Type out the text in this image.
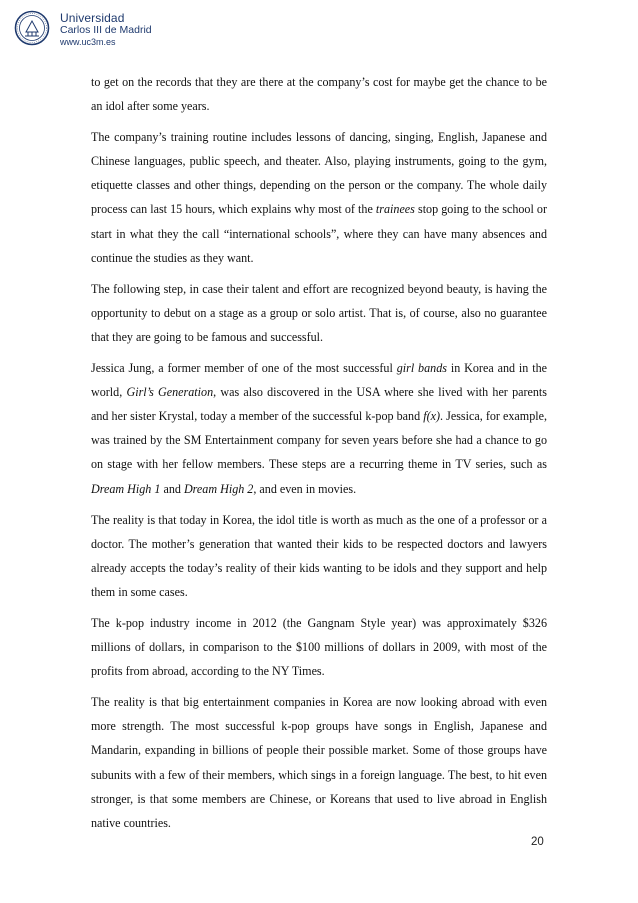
Universidad
Carlos III de Madrid
www.uc3m.es

to get on the records that they are there at the company’s cost for maybe get the chance to be an idol after some years.

The company’s training routine includes lessons of dancing, singing, English, Japanese and Chinese languages, public speech, and theater. Also, playing instruments, going to the gym, etiquette classes and other things, depending on the person or the company. The whole daily process can last 15 hours, which explains why most of the trainees stop going to the school or start in what they the call “international schools”, where they can have many absences and continue the studies as they want.

The following step, in case their talent and effort are recognized beyond beauty, is having the opportunity to debut on a stage as a group or solo artist. That is, of course, also no guarantee that they are going to be famous and successful.

Jessica Jung, a former member of one of the most successful girl bands in Korea and in the world, Girl’s Generation, was also discovered in the USA where she lived with her parents and her sister Krystal, today a member of the successful k-pop band f(x). Jessica, for example, was trained by the SM Entertainment company for seven years before she had a chance to go on stage with her fellow members. These steps are a recurring theme in TV series, such as Dream High 1 and Dream High 2, and even in movies.

The reality is that today in Korea, the idol title is worth as much as the one of a professor or a doctor. The mother’s generation that wanted their kids to be respected doctors and lawyers already accepts the today’s reality of their kids wanting to be idols and they support and help them in some cases.

The k-pop industry income in 2012 (the Gangnam Style year) was approximately $326 millions of dollars, in comparison to the $100 millions of dollars in 2009, with most of the profits from abroad, according to the NY Times.

The reality is that big entertainment companies in Korea are now looking abroad with even more strength. The most successful k-pop groups have songs in English, Japanese and Mandarin, expanding in billions of people their possible market. Some of those groups have subunits with a few of their members, which sings in a foreign language. The best, to hit even stronger, is that some members are Chinese, or Koreans that used to live abroad in English native countries.

20
